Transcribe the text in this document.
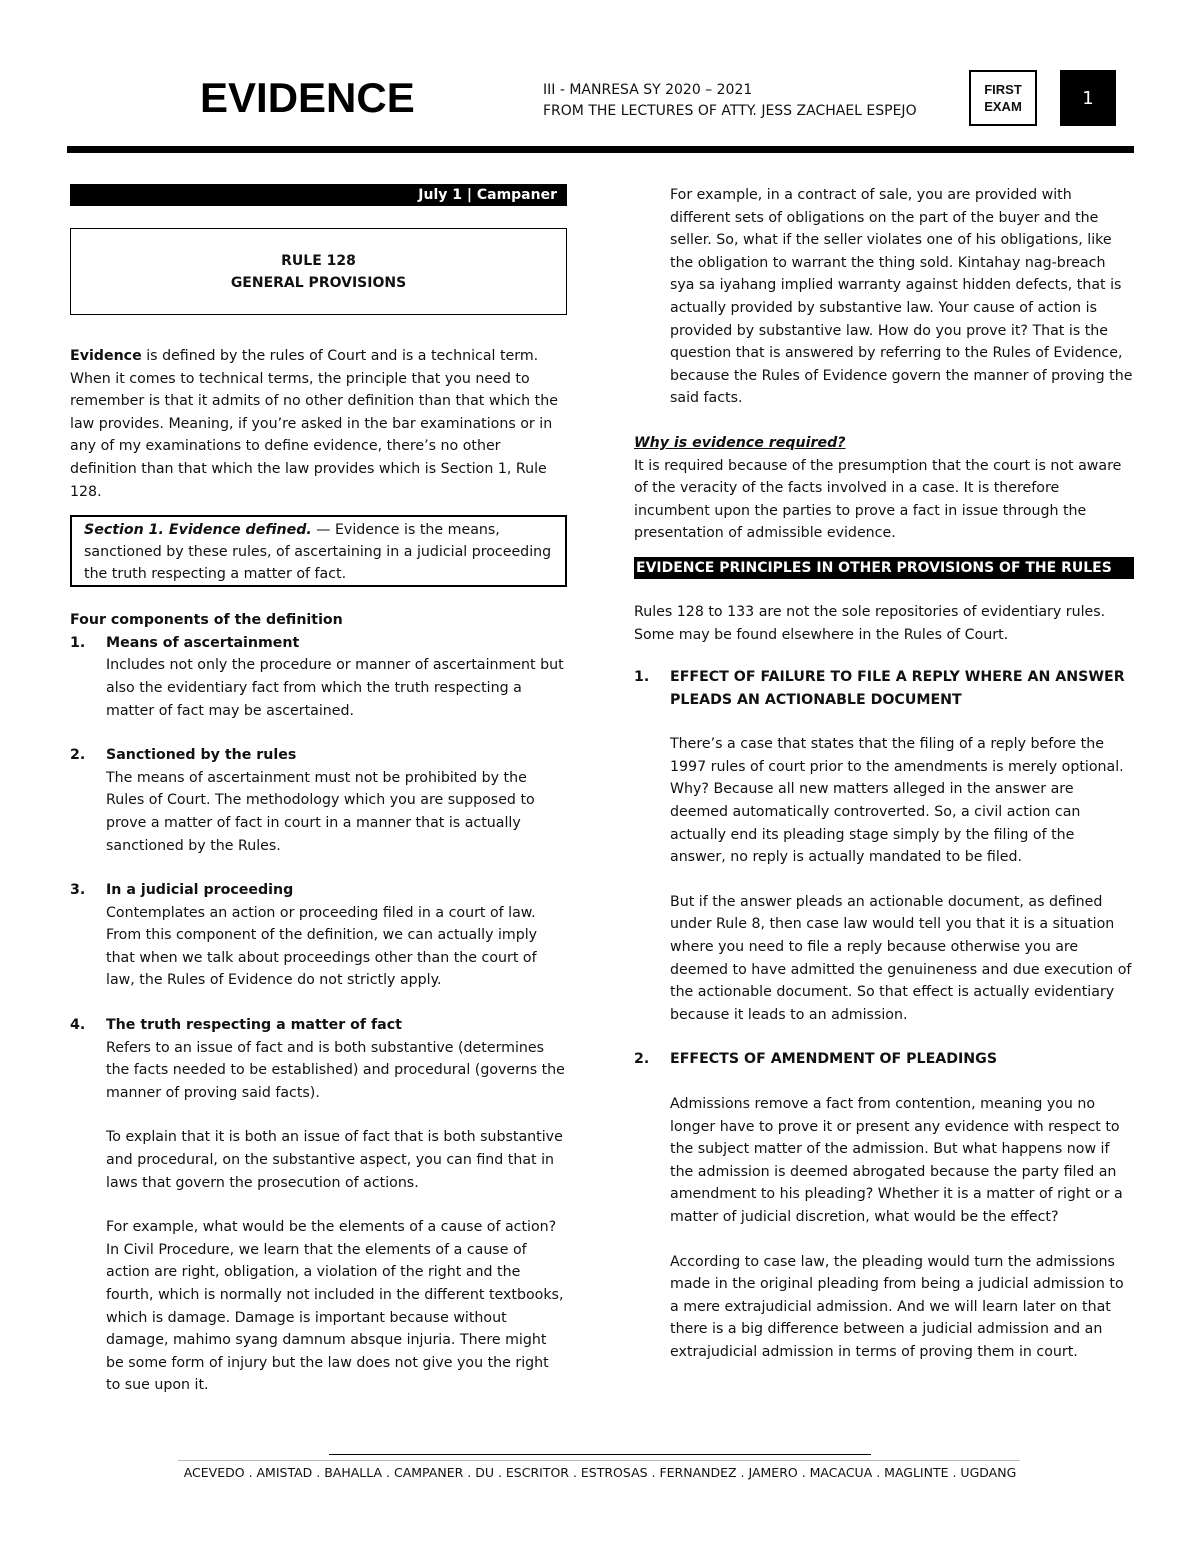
EVIDENCE	III - MANRESA SY 2020 – 2021
FROM THE LECTURES OF ATTY. JESS ZACHAEL ESPEJO
FIRST
EXAM	1
July 1 | Campaner
RULE 128
GENERAL PROVISIONS

Evidence is defined by the rules of Court and is a technical term. When it comes to technical terms, the principle that you need to remember is that it admits of no other definition than that which the law provides. Meaning, if you’re asked in the bar examinations or in any of my examinations to define evidence, there’s no other definition than that which the law provides which is Section 1, Rule 128.

Section 1. Evidence defined. — Evidence is the means, sanctioned by these rules, of ascertaining in a judicial proceeding the truth respecting a matter of fact.
Four components of the definition
1.	Means of ascertainment

Includes not only the procedure or manner of ascertainment but also the evidentiary fact from which the truth respecting a matter of fact may be ascertained.

2.	Sanctioned by the rules

The means of ascertainment must not be prohibited by the Rules of Court. The methodology which you are supposed to prove a matter of fact in court in a manner that is actually sanctioned by the Rules.

3.	In a judicial proceeding

Contemplates an action or proceeding filed in a court of law. From this component of the definition, we can actually imply that when we talk about proceedings other than the court of law, the Rules of Evidence do not strictly apply.

4.	The truth respecting a matter of fact

Refers to an issue of fact and is both substantive (determines the facts needed to be established) and procedural (governs the manner of proving said facts).

To explain that it is both an issue of fact that is both substantive and procedural, on the substantive aspect, you can find that in laws that govern the prosecution of actions.

For example, what would be the elements of a cause of action? In Civil Procedure, we learn that the elements of a cause of action are right, obligation, a violation of the right and the fourth, which is normally not included in the different textbooks, which is damage. Damage is important because without damage, mahimo syang damnum absque injuria. There might be some form of injury but the law does not give you the right to sue upon it.

For example, in a contract of sale, you are provided with different sets of obligations on the part of the buyer and the seller. So, what if the seller violates one of his obligations, like the obligation to warrant the thing sold. Kintahay nag-breach sya sa iyahang implied warranty against hidden defects, that is actually provided by substantive law. Your cause of action is provided by substantive law. How do you prove it? That is the question that is answered by referring to the Rules of Evidence, because the Rules of Evidence govern the manner of proving the said facts.

Why is evidence required?

It is required because of the presumption that the court is not aware of the veracity of the facts involved in a case. It is therefore incumbent upon the parties to prove a fact in issue through the presentation of admissible evidence.

EVIDENCE PRINCIPLES IN OTHER PROVISIONS OF THE RULES

Rules 128 to 133 are not the sole repositories of evidentiary rules. Some may be found elsewhere in the Rules of Court.

1.	EFFECT OF FAILURE TO FILE A REPLY WHERE AN ANSWER PLEADS AN ACTIONABLE DOCUMENT

There’s a case that states that the filing of a reply before the 1997 rules of court prior to the amendments is merely optional. Why? Because all new matters alleged in the answer are deemed automatically controverted. So, a civil action can actually end its pleading stage simply by the filing of the answer, no reply is actually mandated to be filed.

But if the answer pleads an actionable document, as defined under Rule 8, then case law would tell you that it is a situation where you need to file a reply because otherwise you are deemed to have admitted the genuineness and due execution of the actionable document. So that effect is actually evidentiary because it leads to an admission.

2.	EFFECTS OF AMENDMENT OF PLEADINGS

Admissions remove a fact from contention, meaning you no longer have to prove it or present any evidence with respect to the subject matter of the admission. But what happens now if the admission is deemed abrogated because the party filed an amendment to his pleading? Whether it is a matter of right or a matter of judicial discretion, what would be the effect?

According to case law, the pleading would turn the admissions made in the original pleading from being a judicial admission to a mere extrajudicial admission. And we will learn later on that there is a big difference between a judicial admission and an extrajudicial admission in terms of proving them in court.

ACEVEDO . AMISTAD . BAHALLA . CAMPANER . DU . ESCRITOR . ESTROSAS . FERNANDEZ . JAMERO . MACACUA . MAGLINTE . UGDANG
